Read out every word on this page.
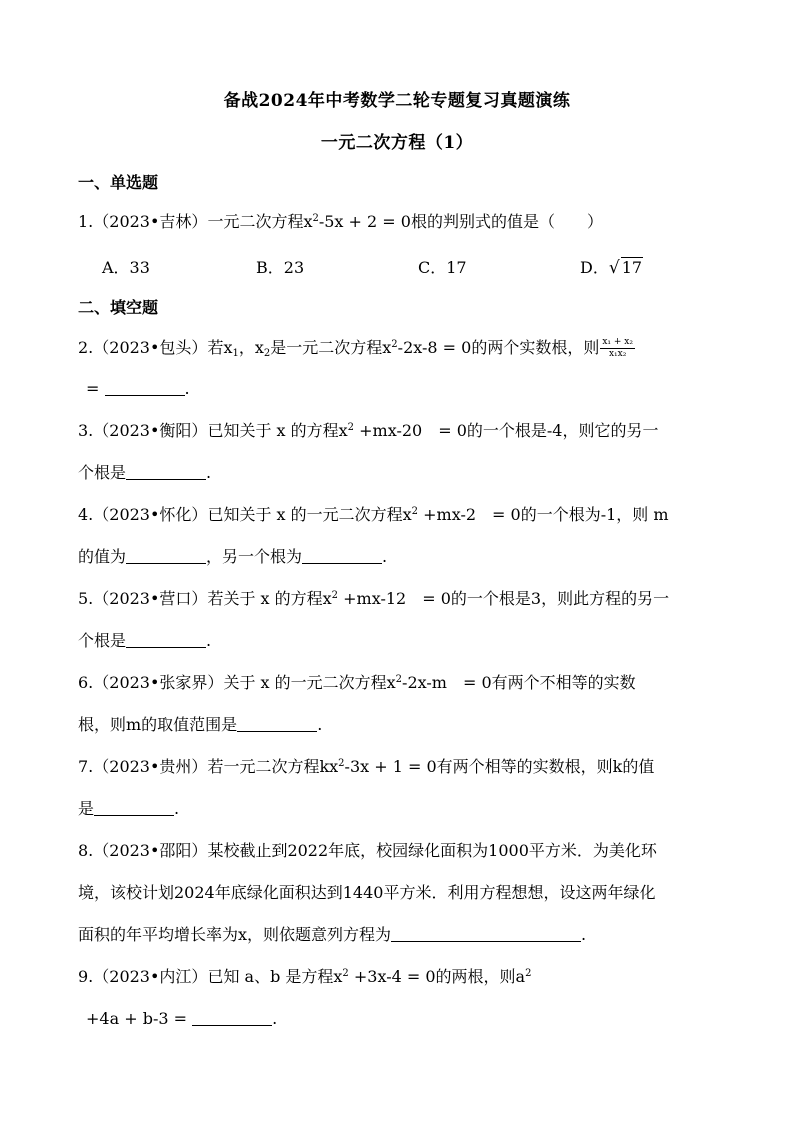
备战2024年中考数学二轮专题复习真题演练
一元二次方程（1）
一、单选题
1.（2023•吉林）一元二次方程$x^2-5x + 2 = 0$根的判别式的值是（　　）
A．33	B．23	C．17	D．√ 17
二、填空题
2.（2023•包头）若$x_1$，$x_2$是一元二次方程$x^2-2x-8 = 0$的两个实数根，则 $\frac{\text{x₁ + x₂}}{\text{x₁x₂}}$
=	.
3.（2023•衡阳）已知关于 x 的方程$x^2 +mx-20$　= 0的一个根是-4，则它的另一
个根是	.
4.（2023•怀化）已知关于 x 的一元二次方程$x^2 +mx-2$　= 0的一个根为-1，则 m
的值为	，另一个根为	.
5.（2023•营口）若关于 x 的方程$x^2 +mx-12$　= 0的一个根是3，则此方程的另一
个根是	.
6.（2023•张家界）关于 x 的一元二次方程$x^2-2x-m$　= 0有两个不相等的实数
根，则m的取值范围是	.
7.（2023•贵州）若一元二次方程$kx^2-3x + 1 = 0$有两个相等的实数根，则k的值
是	.
8.（2023•邵阳）某校截止到2022年底，校园绿化面积为1000平方米．为美化环
境，该校计划2024年底绿化面积达到1440平方米．利用方程想想，设这两年绿化
面积的年平均增长率为x，则依题意列方程为	.
9.（2023•内江）已知 a、b 是方程$x^2 +3x-4 = 0$的两根，则$a^2$
+4a + b-3 =	.
